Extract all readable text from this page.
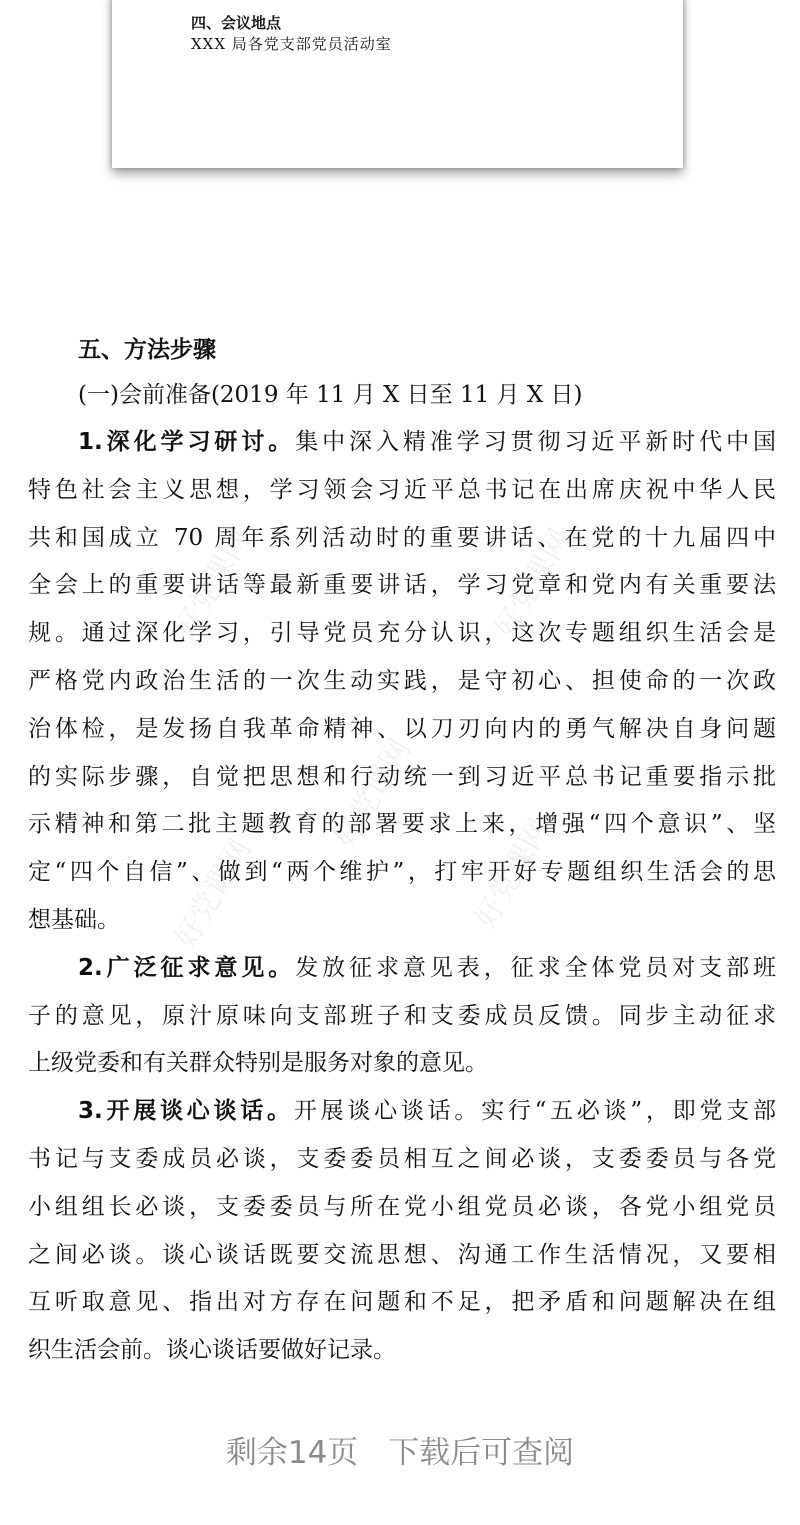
四、会议地点
XXX 局各党支部党员活动室
好党课网	好党课网
好党课网
好党课网	好党课网
五、方法步骤
(一)会前准备(2019 年 11 月 X 日至 11 月 X 日)
1.深化学习研讨。集中深入精准学习贯彻习近平新时代中国
特色社会主义思想，学习领会习近平总书记在出席庆祝中华人民
共和国成立 70 周年系列活动时的重要讲话、在党的十九届四中
全会上的重要讲话等最新重要讲话，学习党章和党内有关重要法
规。通过深化学习，引导党员充分认识，这次专题组织生活会是
严格党内政治生活的一次生动实践，是守初心、担使命的一次政
治体检，是发扬自我革命精神、以刀刃向内的勇气解决自身问题
的实际步骤，自觉把思想和行动统一到习近平总书记重要指示批
示精神和第二批主题教育的部署要求上来，增强“四个意识”、坚
定“四个自信”、做到“两个维护”，打牢开好专题组织生活会的思
想基础。
2.广泛征求意见。发放征求意见表，征求全体党员对支部班
子的意见，原汁原味向支部班子和支委成员反馈。同步主动征求
上级党委和有关群众特别是服务对象的意见。
3.开展谈心谈话。开展谈心谈话。实行“五必谈”，即党支部
书记与支委成员必谈，支委委员相互之间必谈，支委委员与各党
小组组长必谈，支委委员与所在党小组党员必谈，各党小组党员
之间必谈。谈心谈话既要交流思想、沟通工作生活情况，又要相
互听取意见、指出对方存在问题和不足，把矛盾和问题解决在组
织生活会前。谈心谈话要做好记录。
剩余14页 下载后可查阅
